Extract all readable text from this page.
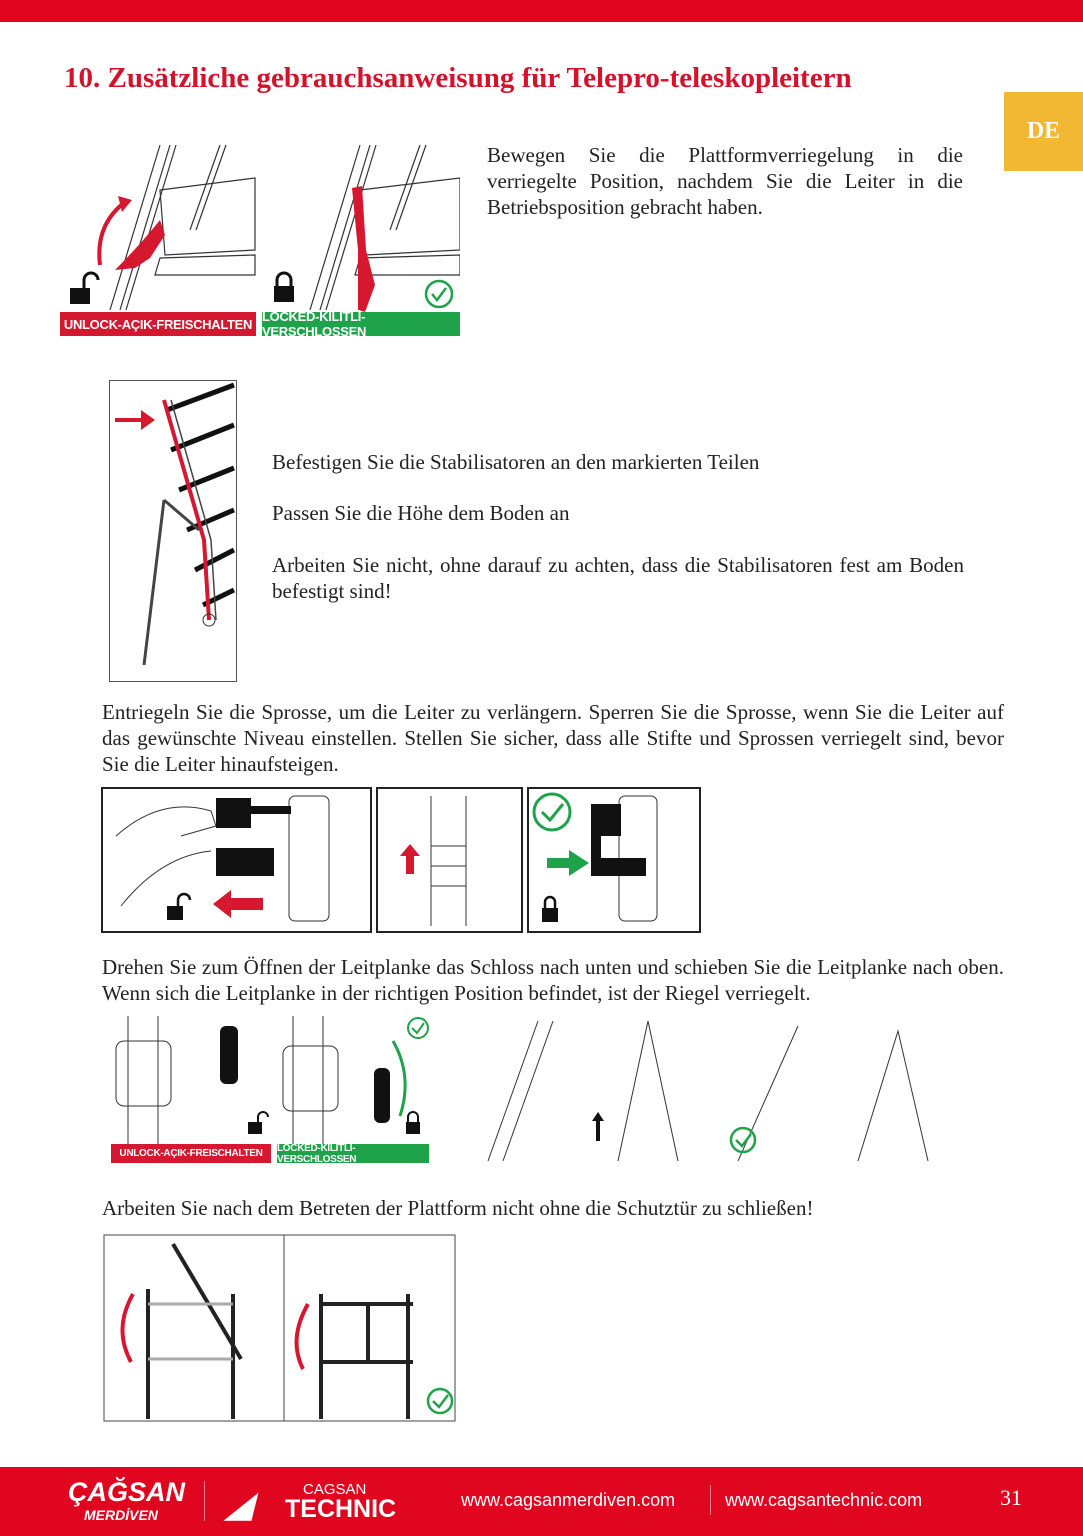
10. Zusätzliche gebrauchsanweisung für Telepro-teleskopleitern
DE
UNLOCK-AÇIK-FREISCHALTEN LOCKED-KİLİTLİ-VERSCHLOSSEN
Bewegen Sie die Plattformverriegelung in die verriegelte Position, nachdem Sie die Leiter in die Betriebsposition gebracht haben.
Befestigen Sie die Stabilisatoren an den markierten Teilen
Passen Sie die Höhe dem Boden an
Arbeiten Sie nicht, ohne darauf zu achten, dass die Stabilisatoren fest am Boden befestigt sind!
Entriegeln Sie die Sprosse, um die Leiter zu verlängern. Sperren Sie die Sprosse, wenn Sie die Leiter auf das gewünschte Niveau einstellen. Stellen Sie sicher, dass alle Stifte und Sprossen verriegelt sind, bevor Sie die Leiter hinaufsteigen.
Drehen Sie zum Öffnen der Leitplanke das Schloss nach unten und schieben Sie die Leitplanke nach oben. Wenn sich die Leitplanke in der richtigen Position befindet, ist der Riegel verriegelt.
UNLOCK-AÇIK-FREISCHALTEN	LOCKED-KİLİTLİ-VERSCHLOSSEN
Arbeiten Sie nach dem Betreten der Plattform nicht ohne die Schutztür zu schließen!
ÇAĞSAN
MERDİVEN ◢	CAGSAN
TECHNIC	www.cagsanmerdiven.com	www.cagsantechnic.com	31
